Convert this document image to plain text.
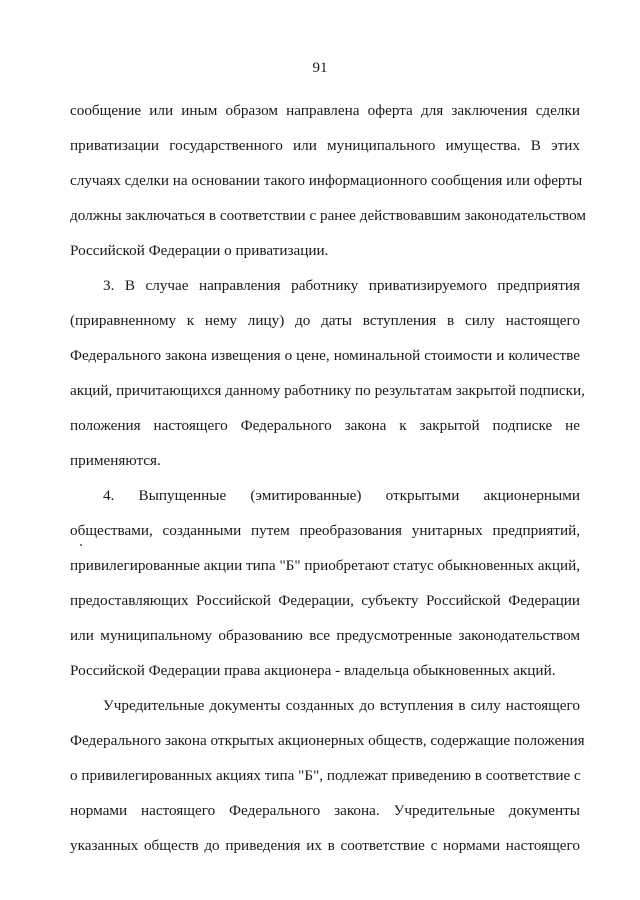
91
сообщение или иным образом направлена оферта для заключения сделки
приватизации государственного или муниципального имущества. В этих
случаях сделки на основании такого информационного сообщения или оферты
должны заключаться в соответствии с ранее действовавшим законодательством
Российской Федерации о приватизации.
3. В случае направления работнику приватизируемого предприятия
(приравненному к нему лицу) до даты вступления в силу настоящего
Федерального закона извещения о цене, номинальной стоимости и количестве
акций, причитающихся данному работнику по результатам закрытой подписки,
положения настоящего Федерального закона к закрытой подписке не
применяются.
4. Выпущенные (эмитированные) открытыми акционерными
обществами, созданными путем преобразования унитарных предприятий,
привилегированные акции типа "Б" приобретают статус обыкновенных акций,
предоставляющих Российской Федерации, субъекту Российской Федерации
или муниципальному образованию все предусмотренные законодательством
Российской Федерации права акционера - владельца обыкновенных акций.
Учредительные документы созданных до вступления в силу настоящего
Федерального закона открытых акционерных обществ, содержащие положения
о привилегированных акциях типа "Б", подлежат приведению в соответствие с
нормами настоящего Федерального закона. Учредительные документы
указанных обществ до приведения их в соответствие с нормами настоящего
